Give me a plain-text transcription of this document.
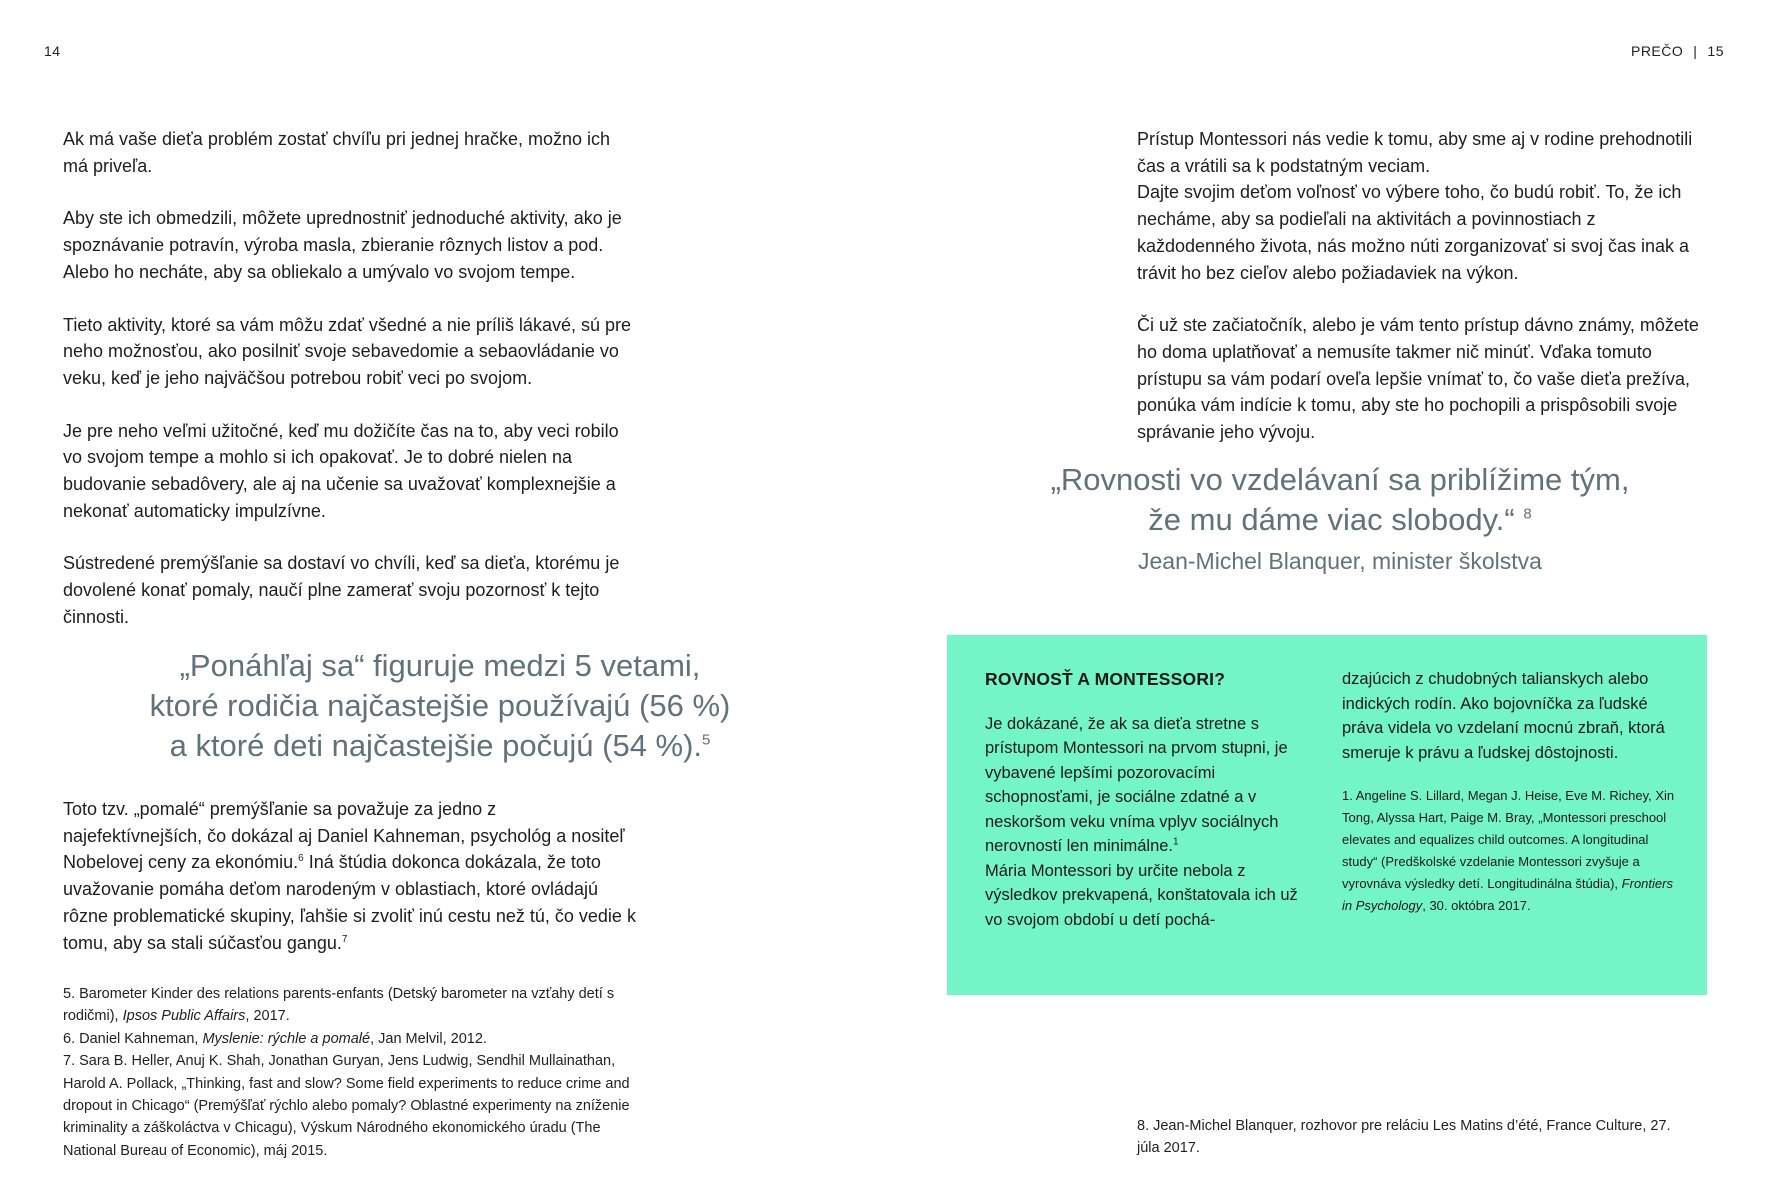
14

Ak má vaše dieťa problém zostať chvíľu pri jednej hračke, možno ich má priveľa.

Aby ste ich obmedzili, môžete uprednostniť jednoduché aktivity, ako je spoznávanie potravín, výroba masla, zbieranie rôznych listov a pod. Alebo ho necháte, aby sa obliekalo a umývalo vo svojom tempe.

Tieto aktivity, ktoré sa vám môžu zdať všedné a nie príliš lákavé, sú pre neho možnosťou, ako posilniť svoje sebavedomie a sebaovládanie vo veku, keď je jeho najväčšou potrebou robiť veci po svojom.

Je pre neho veľmi užitočné, keď mu dožičíte čas na to, aby veci robilo vo svojom tempe a mohlo si ich opakovať. Je to dobré nielen na budovanie sebadôvery, ale aj na učenie sa uvažovať komplexnejšie a nekonať automaticky impulzívne.

Sústredené premýšľanie sa dostaví vo chvíli, keď sa dieťa, ktorému je dovolené konať pomaly, naučí plne zamerať svoju pozornosť k tejto činnosti.

„Ponáhľaj sa“ figuruje medzi 5 vetami,
ktoré rodičia najčastejšie používajú (56 %)
a ktoré deti najčastejšie počujú (54 %).$^5$

Toto tzv. „pomalé“ premýšľanie sa považuje za jedno z najefektívnejších, čo dokázal aj Daniel Kahneman, psychológ a nositeľ Nobelovej ceny za ekonómiu.$^6$ Iná štúdia dokonca dokázala, že toto uvažovanie pomáha deťom narodeným v oblastiach, ktoré ovládajú rôzne problematické skupiny, ľahšie si zvoliť inú cestu než tú, čo vedie k tomu, aby sa stali súčasťou gangu.$^7$

5. Barometer Kinder des relations parents-enfants (Detský barometer na vzťahy detí s rodičmi), Ipsos Public Affairs, 2017.
6. Daniel Kahneman, Myslenie: rýchle a pomalé, Jan Melvil, 2012.
7. Sara B. Heller, Anuj K. Shah, Jonathan Guryan, Jens Ludwig, Sendhil Mullainathan, Harold A. Pollack, „Thinking, fast and slow? Some field experiments to reduce crime and dropout in Chicago“ (Premýšľať rýchlo alebo pomaly? Oblastné experimenty na zníženie kriminality a záškoláctva v Chicagu), Výskum Národného ekonomického úradu (The National Bureau of Economic), máj 2015.
PREČO | 15

Prístup Montessori nás vedie k tomu, aby sme aj v rodine prehodnotili čas a vrátili sa k podstatným veciam.

Dajte svojim deťom voľnosť vo výbere toho, čo budú robiť. To, že ich necháme, aby sa podieľali na aktivitách a povinnostiach z každodenného života, nás možno núti zorganizovať si svoj čas inak a trávit ho bez cieľov alebo požiadaviek na výkon.

Či už ste začiatočník, alebo je vám tento prístup dávno známy, môžete ho doma uplatňovať a nemusíte takmer nič minúť. Vďaka tomuto prístupu sa vám podarí oveľa lepšie vnímať to, čo vaše dieťa prežíva, ponúka vám indície k tomu, aby ste ho pochopili a prispôsobili svoje správanie jeho vývoju.

„Rovnosti vo vzdelávaní sa priblížime tým,
že mu dáme viac slobody.“ $^8$
Jean-Michel Blanquer, minister školstva
ROVNOSŤ A MONTESSORI?
Je dokázané, že ak sa dieťa stretne s prístupom Montessori na prvom stupni, je vybavené lepšími pozorovacími schopnosťami, je sociálne zdatné a v neskoršom veku vníma vplyv sociálnych nerovností len minimálne.$^1$
Mária Montessori by určite nebola z výsledkov prekvapená, konštatovala ich už vo svojom období u detí pochá-
dzajúcich z chudobných talianskych alebo indických rodín. Ako bojovníčka za ľudské práva videla vo vzdelaní mocnú zbraň, ktorá smeruje k právu a ľudskej dôstojnosti.
1. Angeline S. Lillard, Megan J. Heise, Eve M. Richey, Xin Tong, Alyssa Hart, Paige M. Bray, „Montessori preschool elevates and equalizes child outcomes. A longitudinal study“ (Predškolské vzdelanie Montessori zvyšuje a vyrovnáva výsledky detí. Longitudinálna štúdia), Frontiers in Psychology, 30. októbra 2017.
8. Jean-Michel Blanquer, rozhovor pre reláciu Les Matins d’été, France Culture, 27. júla 2017.
